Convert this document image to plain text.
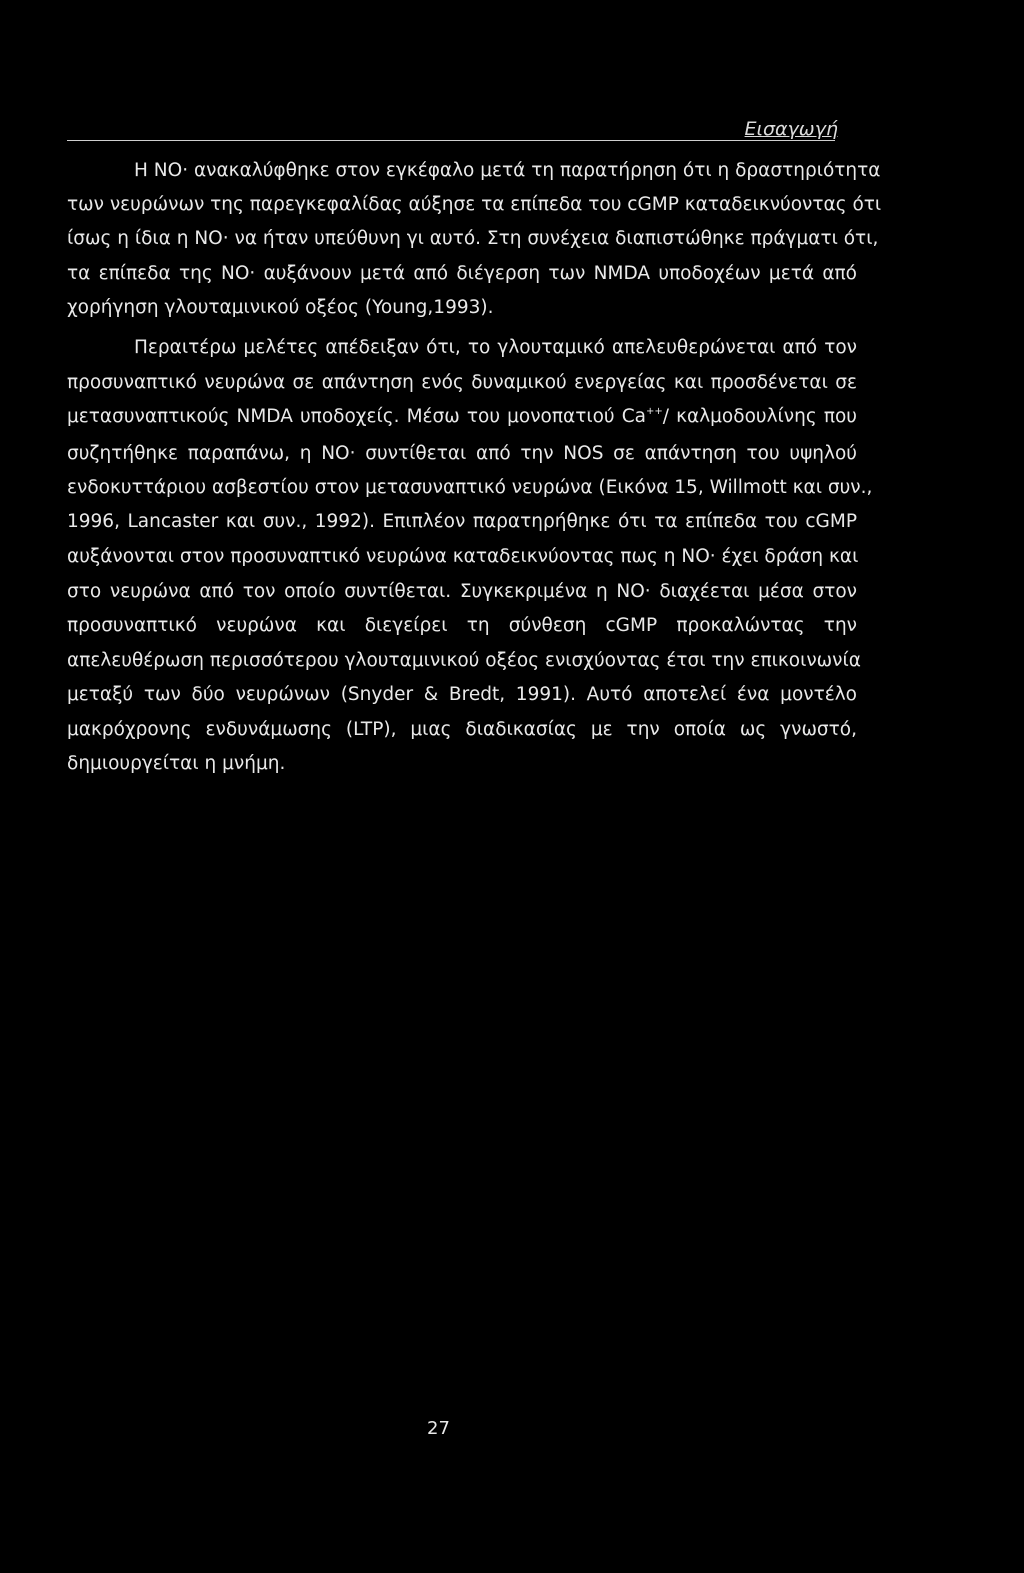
Εισαγωγή
Η NO· ανακαλύφθηκε στον εγκέφαλο μετά τη παρατήρηση ότι η δραστηριότητα
των νευρώνων της παρεγκεφαλίδας αύξησε τα επίπεδα του cGMP καταδεικνύοντας ότι
ίσως η ίδια η NO· να ήταν υπεύθυνη γι αυτό. Στη συνέχεια διαπιστώθηκε πράγματι ότι,
τα επίπεδα της NO· αυξάνουν μετά από διέγερση των NMDA υποδοχέων μετά από
χορήγηση γλουταμινικού οξέος (Young,1993).
Περαιτέρω μελέτες απέδειξαν ότι, το γλουταμικό απελευθερώνεται από τον
προσυναπτικό νευρώνα σε απάντηση ενός δυναμικού ενεργείας και προσδένεται σε
μετασυναπτικούς NMDA υποδοχείς. Μέσω του μονοπατιού Ca++/ καλμοδουλίνης που
συζητήθηκε παραπάνω, η NO· συντίθεται από την NOS σε απάντηση του υψηλού
ενδοκυττάριου ασβεστίου στον μετασυναπτικό νευρώνα (Εικόνα 15, Willmott και συν.,
1996, Lancaster και συν., 1992). Επιπλέον παρατηρήθηκε ότι τα επίπεδα του cGMP
αυξάνονται στον προσυναπτικό νευρώνα καταδεικνύοντας πως η NO· έχει δράση και
στο νευρώνα από τον οποίο συντίθεται. Συγκεκριμένα η NO· διαχέεται μέσα στον
προσυναπτικό νευρώνα και διεγείρει τη σύνθεση cGMP προκαλώντας την
απελευθέρωση περισσότερου γλουταμινικού οξέος ενισχύοντας έτσι την επικοινωνία
μεταξύ των δύο νευρώνων (Snyder & Bredt, 1991). Αυτό αποτελεί ένα μοντέλο
μακρόχρονης ενδυνάμωσης (LTP), μιας διαδικασίας με την οποία ως γνωστό,
δημιουργείται η μνήμη.
27
